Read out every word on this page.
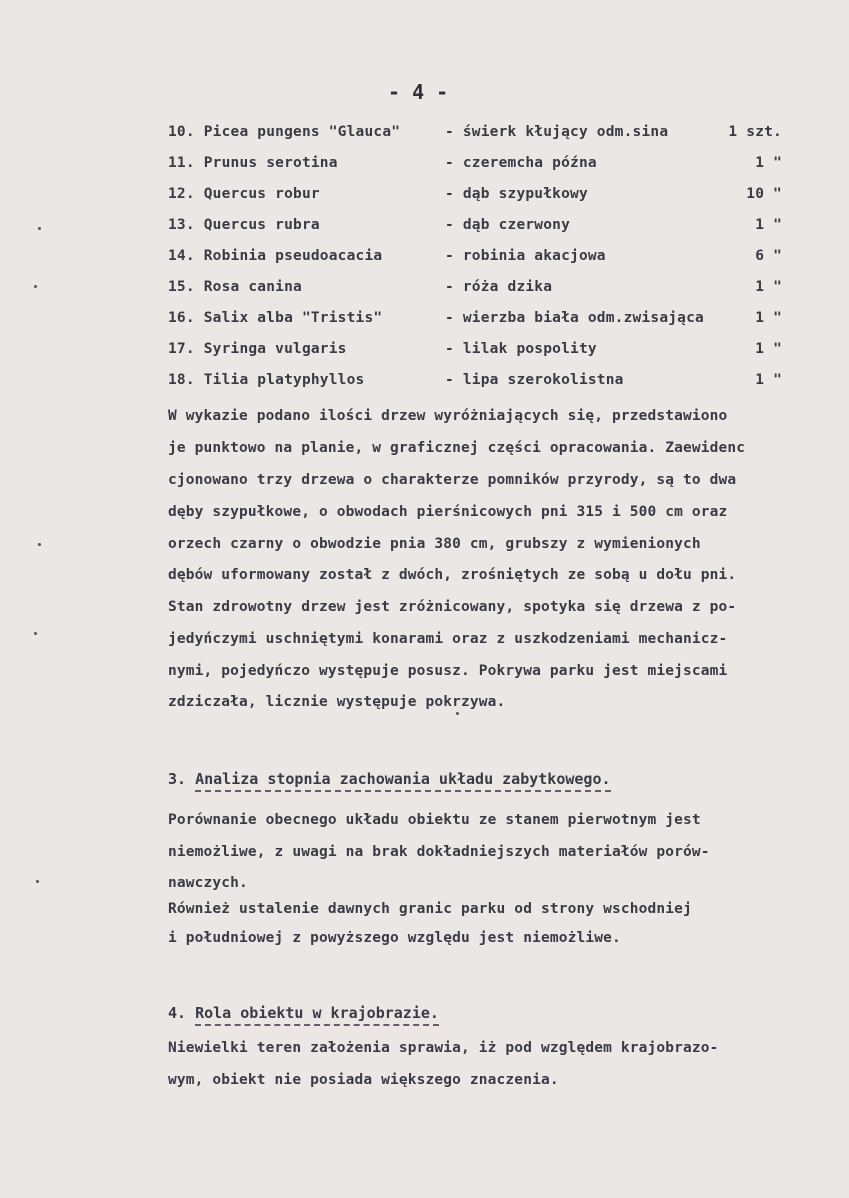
- 4 -
10. Picea pungens "Glauca"	- świerk kłujący odm.sina	1 szt.
11. Prunus serotina	- czeremcha późna	1 "
12. Quercus robur	- dąb szypułkowy	10 "
13. Quercus rubra	- dąb czerwony	1 "
14. Robinia pseudoacacia	- robinia akacjowa	6 "
15. Rosa canina	- róża dzika	1 "
16. Salix alba "Tristis"	- wierzba biała odm.zwisająca	1 "
17. Syringa vulgaris	- lilak pospolity	1 "
18. Tilia platyphyllos	- lipa szerokolistna	1 "
W wykazie podano ilości drzew wyróżniających się, przedstawiono
je punktowo na planie, w graficznej części opracowania. Zaewidenc
cjonowano trzy drzewa o charakterze pomników przyrody, są to dwa
dęby szypułkowe, o obwodach pierśnicowych pni 315 i 500 cm oraz
orzech czarny o obwodzie pnia 380 cm, grubszy z wymienionych
dębów uformowany został z dwóch, zrośniętych ze sobą u dołu pni.
Stan zdrowotny drzew jest zróżnicowany, spotyka się drzewa z po-
jedyńczymi uschniętymi konarami oraz z uszkodzeniami mechanicz-
nymi, pojedyńczo występuje posusz. Pokrywa parku jest miejscami
zdziczała, licznie występuje pokrzywa.
3. Analiza stopnia zachowania układu zabytkowego.
Porównanie obecnego układu obiektu ze stanem pierwotnym jest
niemożliwe, z uwagi na brak dokładniejszych materiałów porów-
nawczych.
Również ustalenie dawnych granic parku od strony wschodniej
i południowej z powyższego względu jest niemożliwe.
4. Rola obiektu w krajobrazie.
Niewielki teren założenia sprawia, iż pod względem krajobrazo-
wym, obiekt nie posiada większego znaczenia.
